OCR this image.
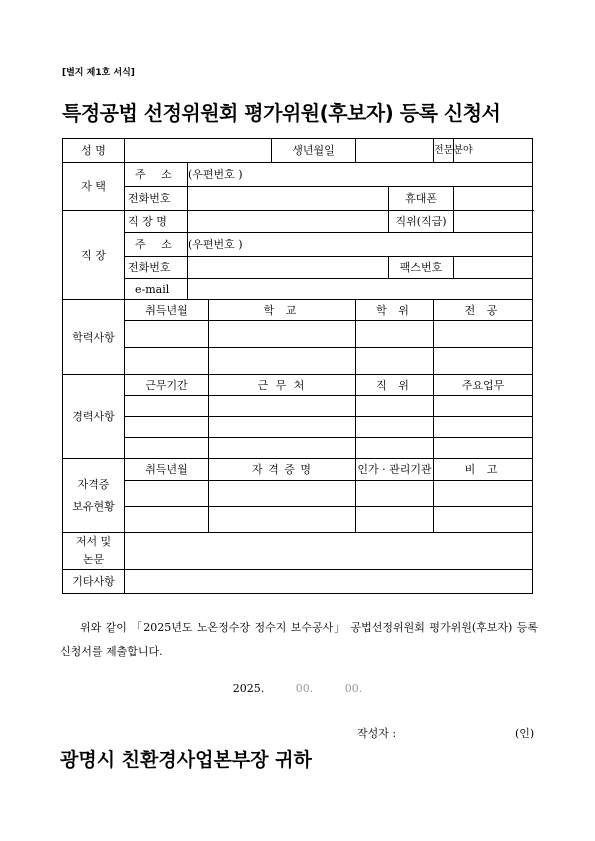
[별지 제1호 서식]
특정공법 선정위원회 평가위원(후보자) 등록 신청서
성 명				생년월일			전문분야	
자 택	주 소	(우편번호 )						
	전화번호					휴대폰		
직 장	직 장 명					직위(직급)		
	주 소	(우편번호 )						
	전화번호					팩스번호		
	e-mail							
학력사항	취득년월		학 교		학 위		전 공	

경력사항	근무기간		근 무 처		직 위		주요업무	

자격증
보유현황	취득년월		자 격 증 명		인가 · 관리기관		비 고	

저서 및
논문								

기타사항								
위와 같이 「2025년도 노온정수장 정수지 보수공사」 공법선정위원회 평가위원(후보자) 등록 신청서를 제출합니다.
2025.	00.	00.
작성자 :	(인)
광명시 친환경사업본부장 귀하
